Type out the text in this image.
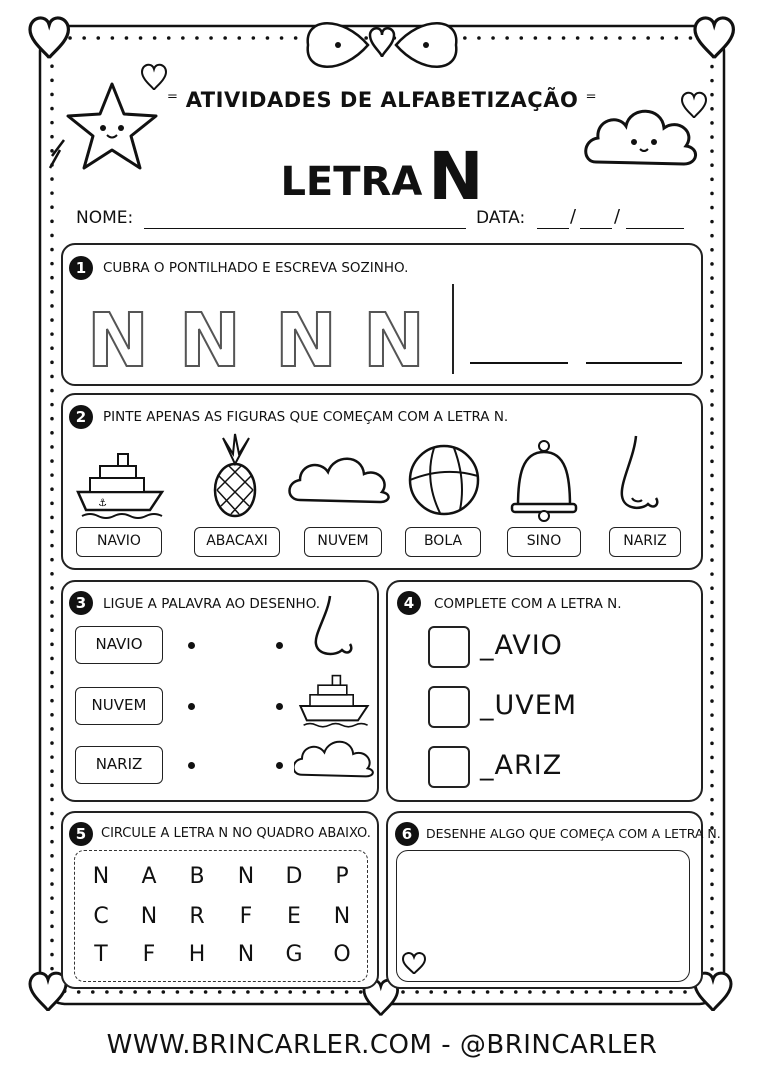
⁼ ATIVIDADES DE ALFABETIZAÇÃO ⁼
LETRAN
NOME:	DATA: / /
1	CUBRA O PONTILHADO E ESCREVA SOZINHO.
N N N N
2	PINTE APENAS AS FIGURAS QUE COMEÇAM COM A LETRA N.
⚓
NAVIO	ABACAXI	NUVEM	BOLA	SINO	NARIZ
3	LIGUE A PALAVRA AO DESENHO.
NAVIO
NUVEM
NARIZ
4	COMPLETE COM A LETRA N.
_AVIO
_UVEM
_ARIZ
5	CIRCULE A LETRA N NO QUADRO ABAIXO.
N	A	B	N	D	P
C	N	R	F	E	N
T	F	H	N	G	O
6	DESENHE ALGO QUE COMEÇA COM A LETRA N.
WWW.BRINCARLER.COM - @BRINCARLER
